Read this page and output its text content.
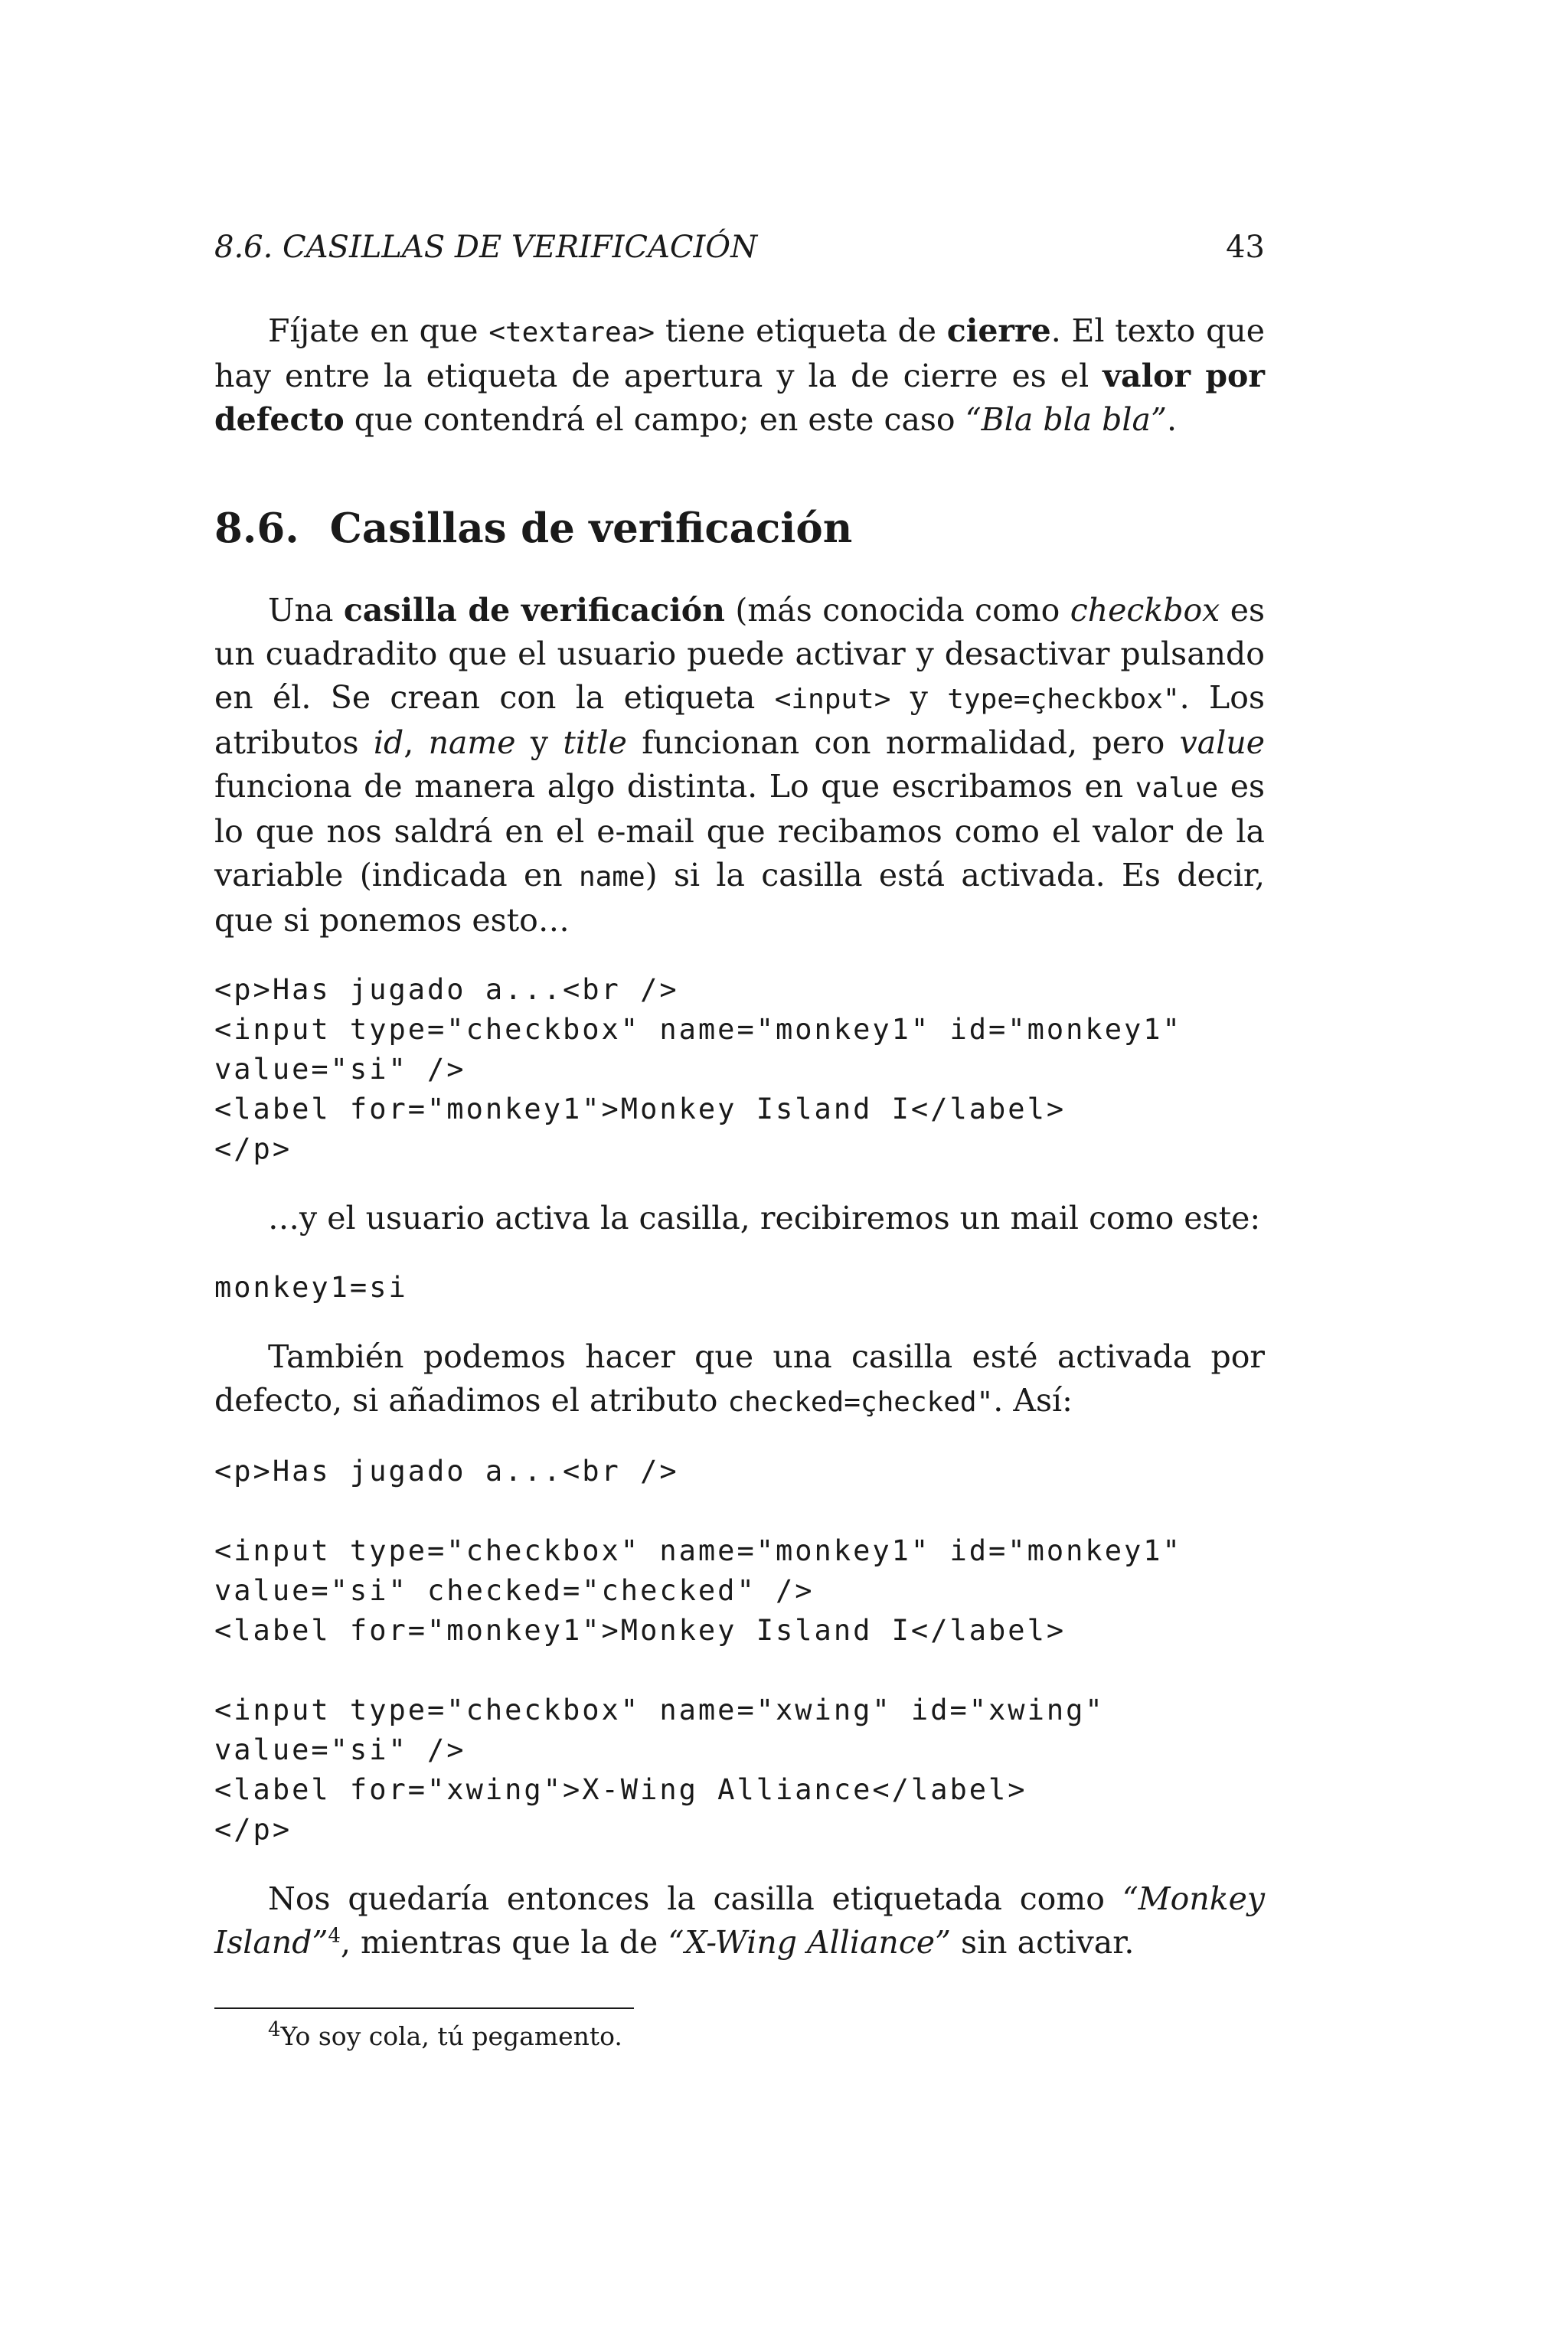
8.6. CASILLAS DE VERIFICACIÓN	43

Fíjate en que <textarea> tiene etiqueta de cierre. El texto que hay entre la etiqueta de apertura y la de cierre es el valor por defecto que contendrá el campo; en este caso “Bla bla bla”.

8.6. Casillas de verificación

Una casilla de verificación (más conocida como checkbox es un cuadradito que el usuario puede activar y desactivar pulsando en él. Se crean con la etiqueta <input> y type=çheckbox". Los atributos id, name y title funcionan con normalidad, pero value funciona de manera algo distinta. Lo que escribamos en value es lo que nos saldrá en el e-mail que recibamos como el valor de la variable (indicada en name) si la casilla está activada. Es decir, que si ponemos esto…

<p>Has jugado a...<br />
<input type="checkbox" name="monkey1" id="monkey1"
value="si" />
<label for="monkey1">Monkey Island I</label>
</p>

…y el usuario activa la casilla, recibiremos un mail como este:

monkey1=si

También podemos hacer que una casilla esté activada por defecto, si añadimos el atributo checked=çhecked". Así:

<p>Has jugado a...<br />
<input type="checkbox" name="monkey1" id="monkey1"
value="si" checked="checked" />
<label for="monkey1">Monkey Island I</label>
<input type="checkbox" name="xwing" id="xwing"
value="si" />
<label for="xwing">X-Wing Alliance</label>
</p>

Nos quedaría entonces la casilla etiquetada como “Monkey Island”$^4$, mientras que la de “X-Wing Alliance” sin activar.

$^4$Yo soy cola, tú pegamento.
